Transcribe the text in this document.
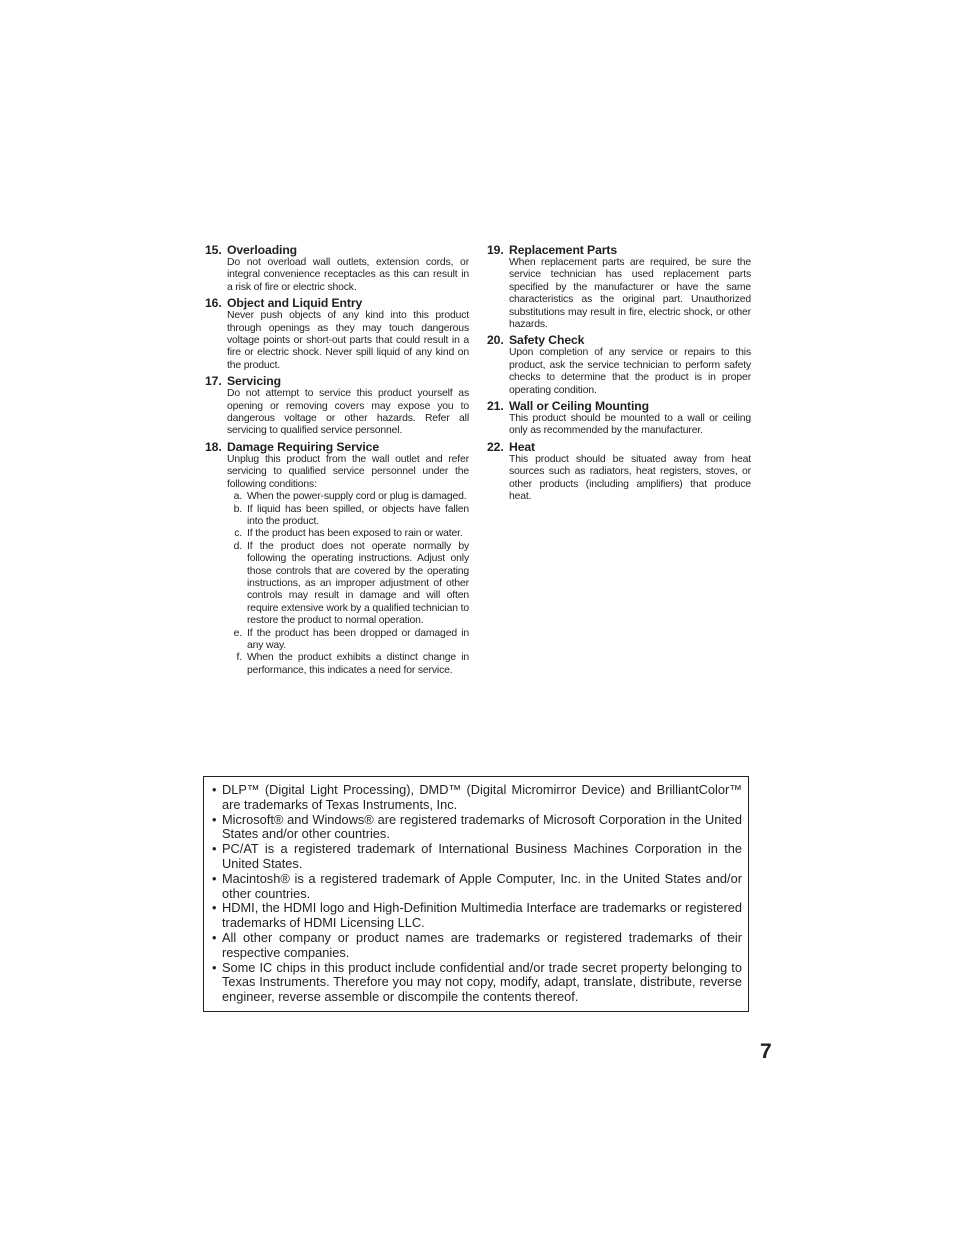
15. Overloading
Do not overload wall outlets, extension cords, or integral convenience receptacles as this can result in a risk of fire or electric shock.
16. Object and Liquid Entry
Never push objects of any kind into this product through openings as they may touch dangerous voltage points or short-out parts that could result in a fire or electric shock. Never spill liquid of any kind on the product.
17. Servicing
Do not attempt to service this product yourself as opening or removing covers may expose you to dangerous voltage or other hazards. Refer all servicing to qualified service personnel.
18. Damage Requiring Service
Unplug this product from the wall outlet and refer servicing to qualified service personnel under the following conditions:
a. When the power-supply cord or plug is damaged.
b. If liquid has been spilled, or objects have fallen into the product.
c. If the product has been exposed to rain or water.
d. If the product does not operate normally by following the operating instructions. Adjust only those controls that are covered by the operating instructions, as an improper adjustment of other controls may result in damage and will often require extensive work by a qualified technician to restore the product to normal operation.
e. If the product has been dropped or damaged in any way.
f. When the product exhibits a distinct change in performance, this indicates a need for service.
19. Replacement Parts
When replacement parts are required, be sure the service technician has used replacement parts specified by the manufacturer or have the same characteristics as the original part. Unauthorized substitutions may result in fire, electric shock, or other hazards.
20. Safety Check
Upon completion of any service or repairs to this product, ask the service technician to perform safety checks to determine that the product is in proper operating condition.
21. Wall or Ceiling Mounting
This product should be mounted to a wall or ceiling only as recommended by the manufacturer.
22. Heat
This product should be situated away from heat sources such as radiators, heat registers, stoves, or other products (including amplifiers) that produce heat.
• DLP™ (Digital Light Processing), DMD™ (Digital Micromirror Device) and BrilliantColor™ are trademarks of Texas Instruments, Inc.
• Microsoft® and Windows® are registered trademarks of Microsoft Corporation in the United States and/or other countries.
• PC/AT is a registered trademark of International Business Machines Corporation in the United States.
• Macintosh® is a registered trademark of Apple Computer, Inc. in the United States and/or other countries.
• HDMI, the HDMI logo and High-Definition Multimedia Interface are trademarks or registered trademarks of HDMI Licensing LLC.
• All other company or product names are trademarks or registered trademarks of their respective companies.
• Some IC chips in this product include confidential and/or trade secret property belonging to Texas Instruments. Therefore you may not copy, modify, adapt, translate, distribute, reverse engineer, reverse assemble or discompile the contents thereof.
7
